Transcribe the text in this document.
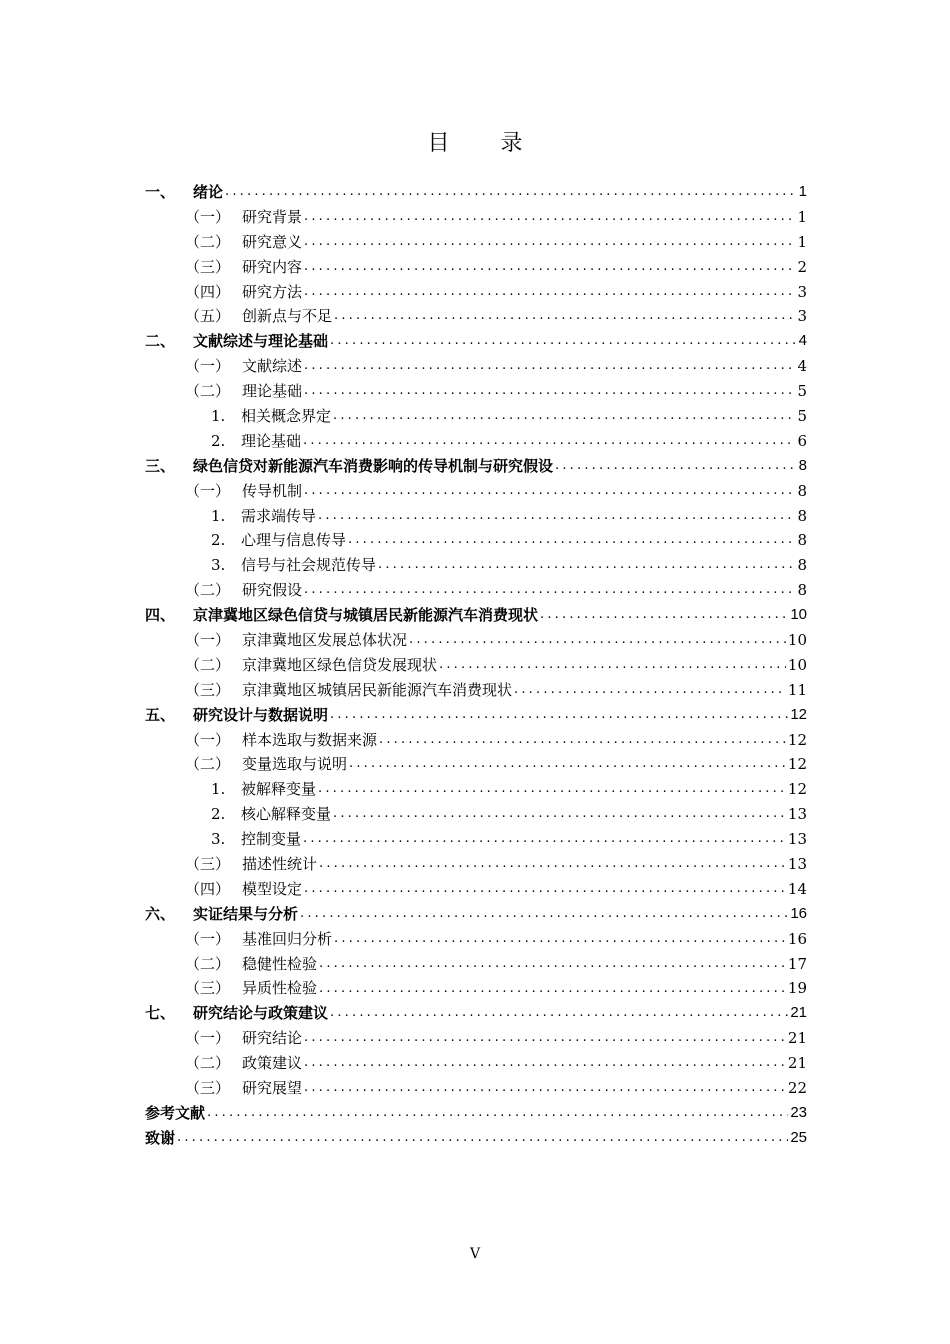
目 录
一、	绪论 .....	1
（一） 研究背景 .....	1
（二） 研究意义 .....	1
（三） 研究内容 .....	2
（四） 研究方法 .....	3
（五） 创新点与不足 .....	3
二、	文献综述与理论基础 .....	4
（一） 文献综述 .....	4
（二） 理论基础 .....	5
1.	相关概念界定 .....	5
2.	理论基础 .....	6
三、	绿色信贷对新能源汽车消费影响的传导机制与研究假设 .....	8
（一） 传导机制 .....	8
1.	需求端传导 .....	8
2.	心理与信息传导 .....	8
3.	信号与社会规范传导 .....	8
（二） 研究假设 .....	8
四、	京津冀地区绿色信贷与城镇居民新能源汽车消费现状 .....	10
（一） 京津冀地区发展总体状况 .....	10
（二） 京津冀地区绿色信贷发展现状 .....	10
（三） 京津冀地区城镇居民新能源汽车消费现状 .....	11
五、	研究设计与数据说明 .....	12
（一） 样本选取与数据来源 .....	12
（二） 变量选取与说明 .....	12
1.	被解释变量 .....	12
2.	核心解释变量 .....	13
3.	控制变量 .....	13
（三） 描述性统计 .....	13
（四） 模型设定 .....	14
六、	实证结果与分析 .....	16
（一） 基准回归分析 .....	16
（二） 稳健性检验 .....	17
（三） 异质性检验 .....	19
七、	研究结论与政策建议 .....	21
（一） 研究结论 .....	21
（二） 政策建议 .....	21
（三） 研究展望 .....	22
参考文献 .....	23
致谢 .....	25
V
